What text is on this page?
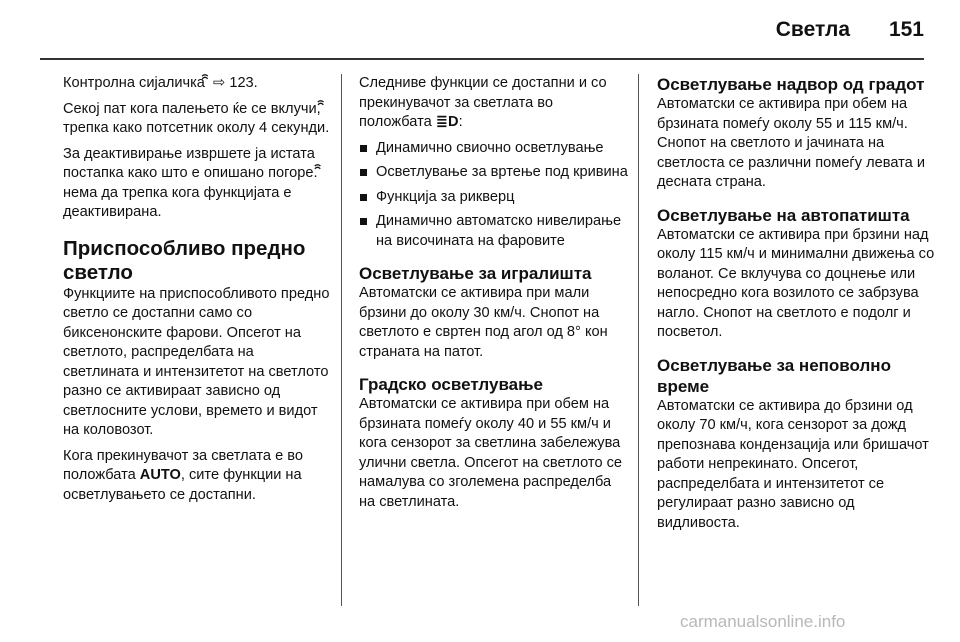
Светла	151

Контролна сијаличка  ⇨ 123.

Секој пат кога палењето ќе се вклучи,  трепка како потсетник околу 4 секунди.

За деактивирање извршете ја истата постапка како што е опишано погоре.  нема да трепка кога функцијата е деактивирана.

Приспособливо предно светло

Функциите на приспособливото предно светло се достапни само со биксенонските фарови. Опсегот на светлото, распределбата на светлината и интензитетот на светлото разно се активираат зависно од светлосните услови, времето и видот на коловозот.

Кога прекинувачот за светлата е во положбата AUTO, сите функции на осветлувањето се достапни.

Следниве функции се достапни и со прекинувачот за светлата во положбата ≣D:

Динамично свиочно осветлување
Осветлување за вртење под кривина
Функција за рикверц
Динамично автоматско нивелирање на височината на фаровите
Осветлување за игралишта

Автоматски се активира при мали брзини до околу 30 км/ч. Снопот на светлото е свртен под агол од 8° кон страната на патот.

Градско осветлување

Автоматски се активира при обем на брзината помеѓу околу 40 и 55 км/ч и кога сензорот за светлина забележува улични светла. Опсегот на светлото се намалува со зголемена распределба на светлината.

Осветлување надвор од градот

Автоматски се активира при обем на брзината помеѓу околу 55 и 115 км/ч. Снопот на светлото и јачината на светлоста се различни помеѓу левата и десната страна.

Осветлување на автопатишта

Автоматски се активира при брзини над околу 115 км/ч и минимални движења со воланот. Се вклучува со доцнење или непосредно кога возилото се забрзува нагло. Снопот на светлото е подолг и посветол.

Осветлување за неповолно време

Автоматски се активира до брзини од околу 70 км/ч, кога сензорот за дожд препознава кондензација или бришачот работи непрекинато. Опсегот, распределбата и интензитетот се регулираат разно зависно од видливоста.

carmanualsonline.info
